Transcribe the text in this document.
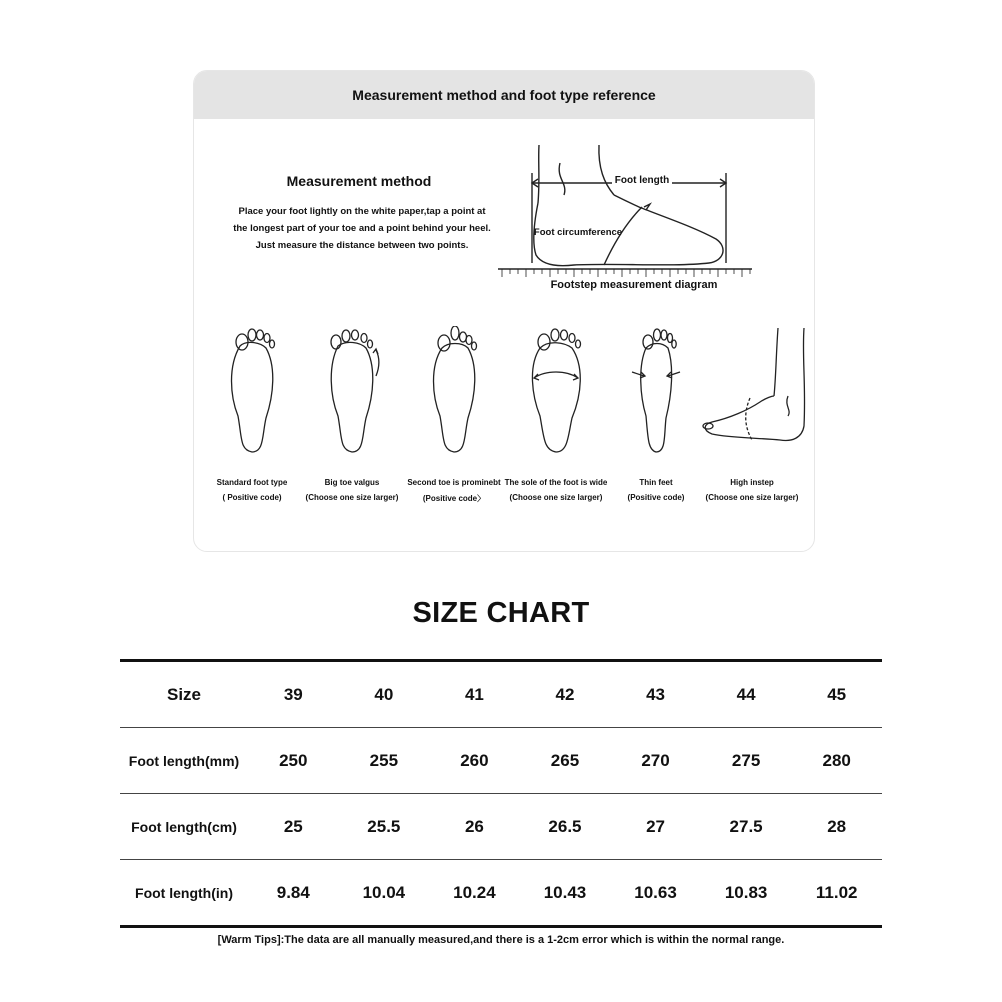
Measurement method and foot type reference
Measurement method
Place your foot lightly on the white paper,tap a point at
the longest part of your toe and a point behind your heel.
Just measure the distance between two points.
Foot length
Foot circumference
Footstep measurement diagram
Standard foot type
( Positive code)
Big toe valgus
(Choose one size larger)
Second toe is prominebt
(Positive code〉
The sole of the foot is wide
(Choose one size larger)
Thin feet
(Positive code)
High instep
(Choose one size larger)
SIZE CHART
Size	39	40	41	42	43	44	45
Foot length(mm)	250	255	260	265	270	275	280
Foot length(cm)	25	25.5	26	26.5	27	27.5	28
Foot length(in)	9.84	10.04	10.24	10.43	10.63	10.83	11.02
[Warm Tips]:The data are all manually measured,and there is a 1-2cm error which is within the normal range.
